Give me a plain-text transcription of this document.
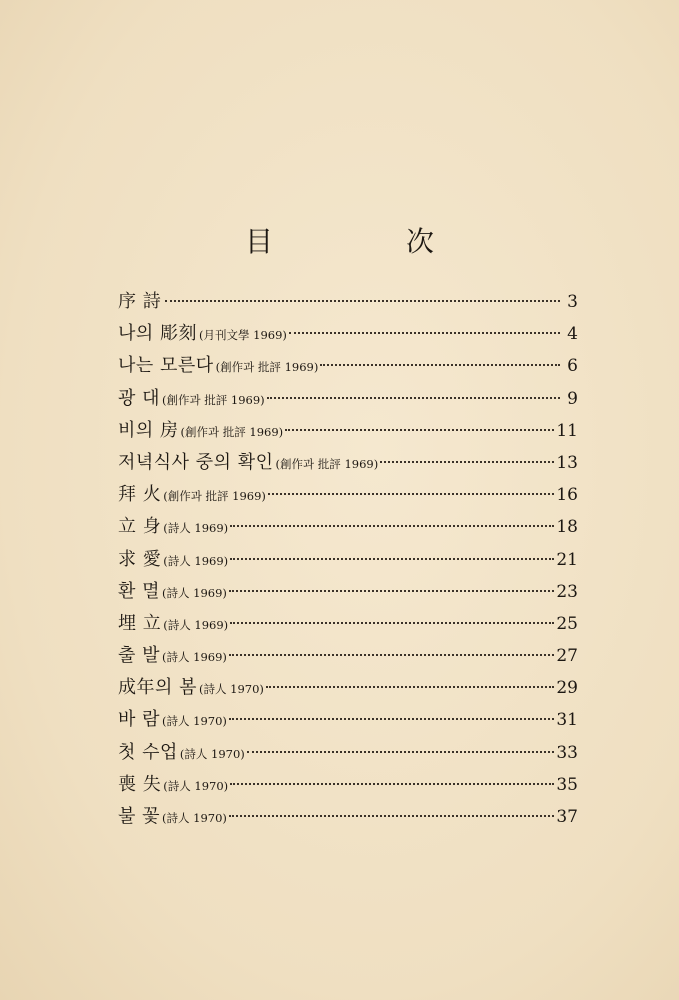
目 次
序 詩	3
나의 彫刻 (月刊文學 1969)	4
나는 모른다 (創作과 批評 1969)	6
광 대 (創作과 批評 1969)	9
비의 房 (創作과 批評 1969)	11
저녁식사 중의 확인 (創作과 批評 1969)	13
拜 火 (創作과 批評 1969)	16
立 身 (詩人 1969)	18
求 愛 (詩人 1969)	21
환 멸 (詩人 1969)	23
埋 立 (詩人 1969)	25
출 발 (詩人 1969)	27
成年의 봄 (詩人 1970)	29
바 람 (詩人 1970)	31
첫 수업 (詩人 1970)	33
喪 失 (詩人 1970)	35
불 꽃 (詩人 1970)	37
